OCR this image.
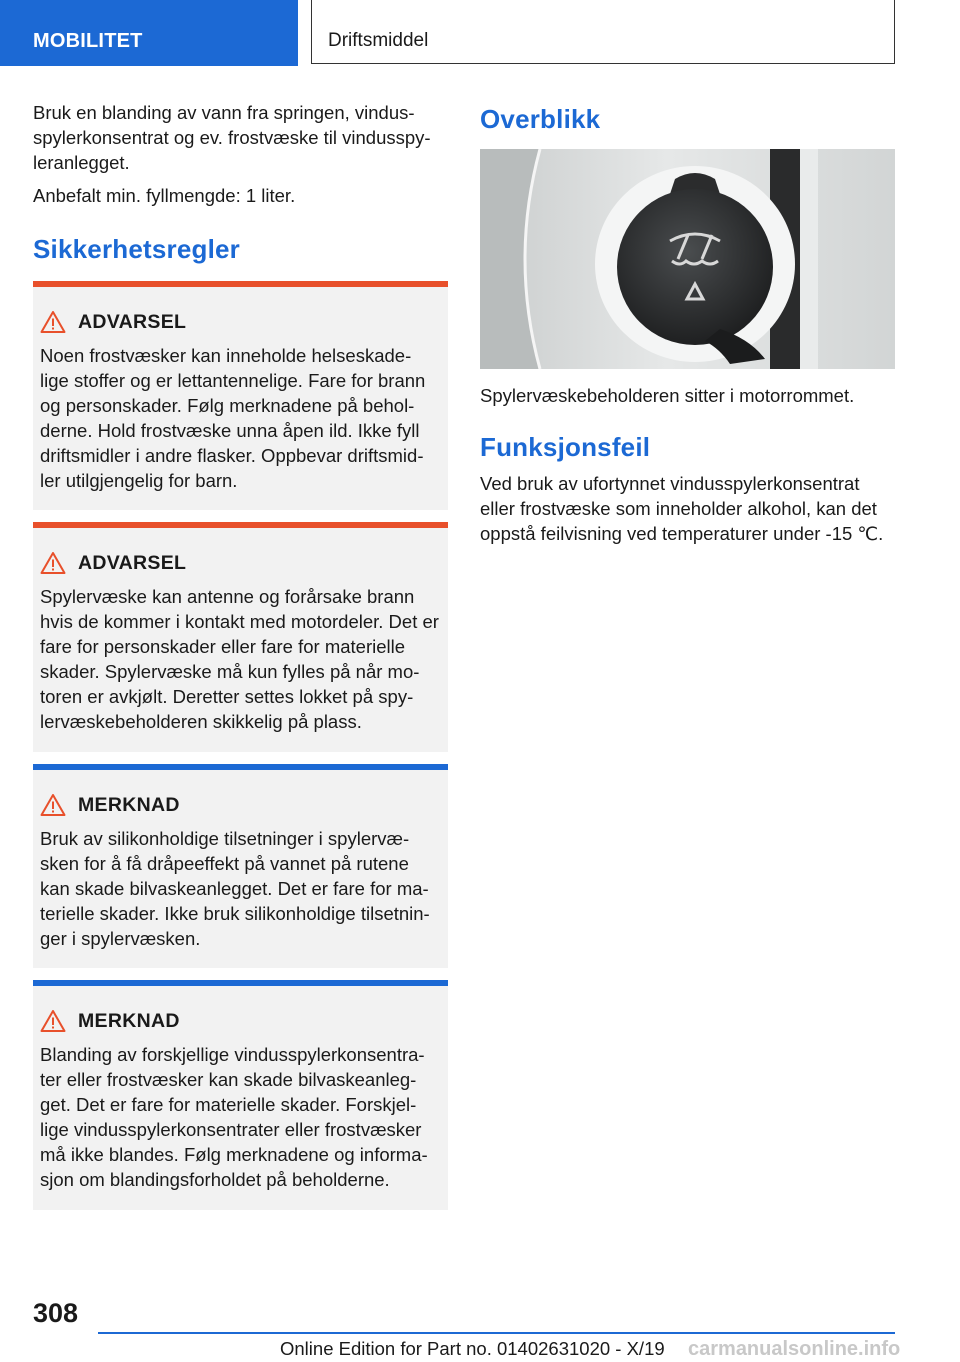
MOBILITET	Driftsmiddel

Bruk en blanding av vann fra springen, vindus-spylerkonsentrat og ev. frostvæske til vindusspy-leranlegget.

Anbefalt min. fyllmengde: 1 liter.

Sikkerhetsregler
ADVARSEL
Noen frostvæsker kan inneholde helseskade-lige stoffer og er lettantennelige. Fare for brann og personskader. Følg merknadene på behol-derne. Hold frostvæske unna åpen ild. Ikke fyll driftsmidler i andre flasker. Oppbevar driftsmid-ler utilgjengelig for barn.
ADVARSEL
Spylervæske kan antenne og forårsake brann hvis de kommer i kontakt med motordeler. Det er fare for personskader eller fare for materielle skader. Spylervæske må kun fylles på når mo-toren er avkjølt. Deretter settes lokket på spy-lervæskebeholderen skikkelig på plass.
MERKNAD
Bruk av silikonholdige tilsetninger i spylervæ-sken for å få dråpeeffekt på vannet på rutene kan skade bilvaskeanlegget. Det er fare for ma-terielle skader. Ikke bruk silikonholdige tilsetnin-ger i spylervæsken.
MERKNAD
Blanding av forskjellige vindusspylerkonsentra-ter eller frostvæsker kan skade bilvaskeanleg-get. Det er fare for materielle skader. Forskjel-lige vindusspylerkonsentrater eller frostvæsker må ikke blandes. Følg merknadene og informa-sjon om blandingsforholdet på beholderne.
Overblikk

Spylervæskebeholderen sitter i motorrommet.

Funksjonsfeil

Ved bruk av ufortynnet vindusspylerkonsentrat eller frostvæske som inneholder alkohol, kan det oppstå feilvisning ved temperaturer under -15 ℃.

308
Online Edition for Part no. 01402631020 - X/19 carmanualsonline.info
